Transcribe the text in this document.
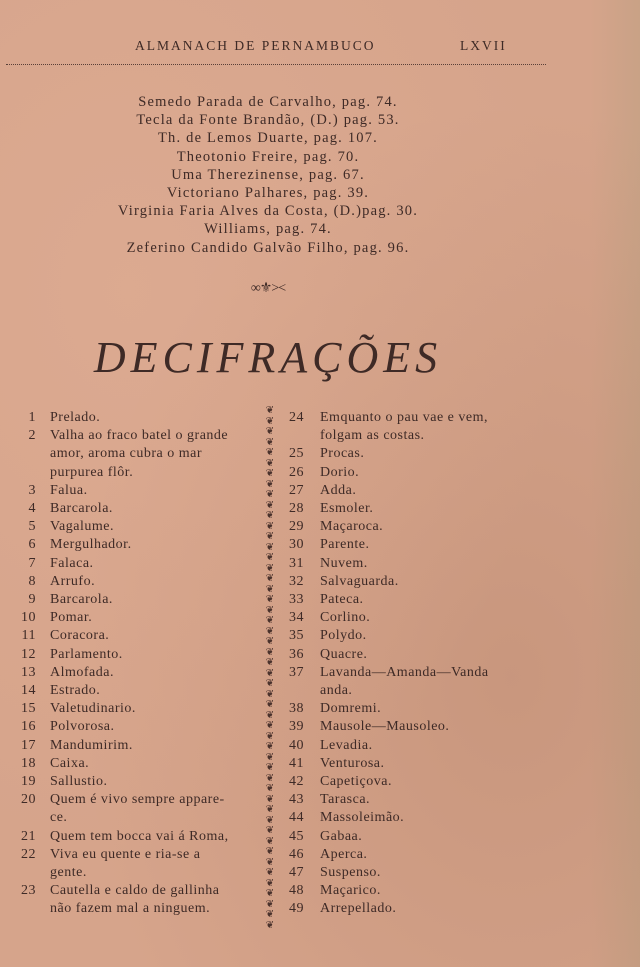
ALMANACH DE PERNAMBUCO	LXVII
Semedo Parada de Carvalho, pag. 74.
Tecla da Fonte Brandão, (D.) pag. 53.
Th. de Lemos Duarte, pag. 107.
Theotonio Freire, pag. 70.
Uma Therezinense, pag. 67.
Victoriano Palhares, pag. 39.
Virginia Faria Alves da Costa, (D.)pag. 30.
Williams, pag. 74.
Zeferino Candido Galvão Filho, pag. 96.
∞⚜︎><
DECIFRAÇÕES
1	Prelado.
2	Valha ao fraco batel o grande
amor, aroma cubra o mar
purpurea flôr.
3	Falua.
4	Barcarola.
5	Vagalume.
6	Mergulhador.
7	Falaca.
8	Arrufo.
9	Barcarola.
10	Pomar.
11	Coracora.
12	Parlamento.
13	Almofada.
14	Estrado.
15	Valetudinario.
16	Polvorosa.
17	Mandumirim.
18	Caixa.
19	Sallustio.
20	Quem é vivo sempre appare-
ce.
21	Quem tem bocca vai á Roma,
22	Viva eu quente e ria-se a
gente.
23	Cautella e caldo de gallinha
não fazem mal a ninguem.
❦
❦
❦
❦
❦
❦
❦
❦
❦
❦
❦
❦
❦
❦
❦
❦
❦
❦
❦
❦
❦
❦
❦
❦
❦
❦
❦
❦
❦
❦
❦
❦
❦
❦
❦
❦
❦
❦
❦
❦
❦
❦
❦
❦
❦
❦
❦
❦
❦
❦
24	Emquanto o pau vae e vem,
folgam as costas.
25	Procas.
26	Dorio.
27	Adda.
28	Esmoler.
29	Maçaroca.
30	Parente.
31	Nuvem.
32	Salvaguarda.
33	Pateca.
34	Corlino.
35	Polydo.
36	Quacre.
37	Lavanda—Amanda—Vanda
anda.
38	Domremi.
39	Mausole—Mausoleo.
40	Levadia.
41	Venturosa.
42	Capetiçova.
43	Tarasca.
44	Massoleimão.
45	Gabaa.
46	Aperca.
47	Suspenso.
48	Maçarico.
49	Arrepellado.
